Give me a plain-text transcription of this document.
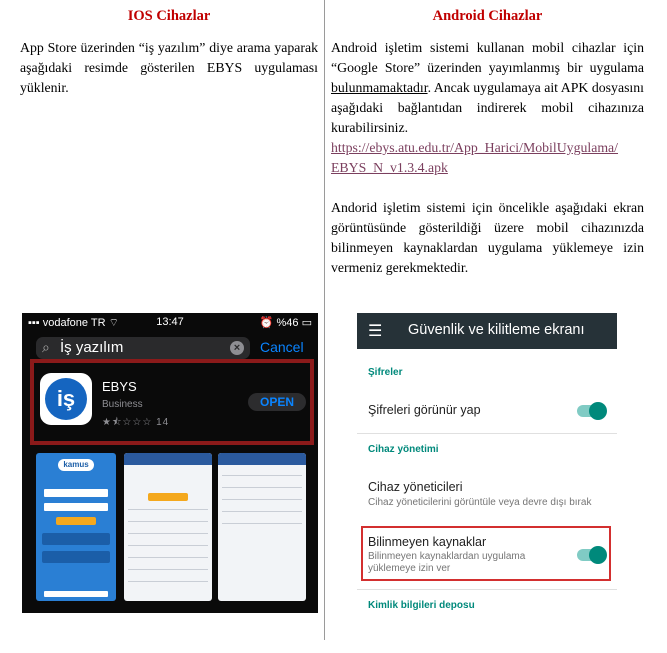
IOS Cihazlar

App Store üzerinden “iş yazılım” diye arama yaparak aşağıdaki resimde gösterilen EBYS uygulaması yüklenir.

Android Cihazlar

Android işletim sistemi kullanan mobil cihazlar için “Google Store” üzerinden yayımlanmış bir uygulama bulunmamaktadır. Ancak uygulamaya ait APK dosyasını aşağıdaki bağlantıdan indirerek mobil cihazınıza kurabilirsiniz.
https://ebys.atu.edu.tr/App_Harici/MobilUygulama/
EBYS_N_v1.3.4.apk

Andorid işletim sistemi için öncelikle aşağıdaki ekran görüntüsünde gösterildiği üzere mobil cihazınızda bilinmeyen kaynaklardan uygulama yüklemeye izin vermeniz gerekmektedir.

▪▪▪ vodafone TR ⌔	13:47	⏰ %46 ▭
⌕ İş yazılım	× Cancel
iş	EBYS
Business
★⯪☆☆☆ 14
OPEN
kamus
☰ Güvenlik ve kilitleme ekranı
Şifreler
Şifreleri görünür yap
Cihaz yönetimi
Cihaz yöneticileri
Cihaz yöneticilerini görüntüle veya devre dışı bırak
Bilinmeyen kaynaklar
Bilinmeyen kaynaklardan uygulama yüklemeye izin ver
Kimlik bilgileri deposu
